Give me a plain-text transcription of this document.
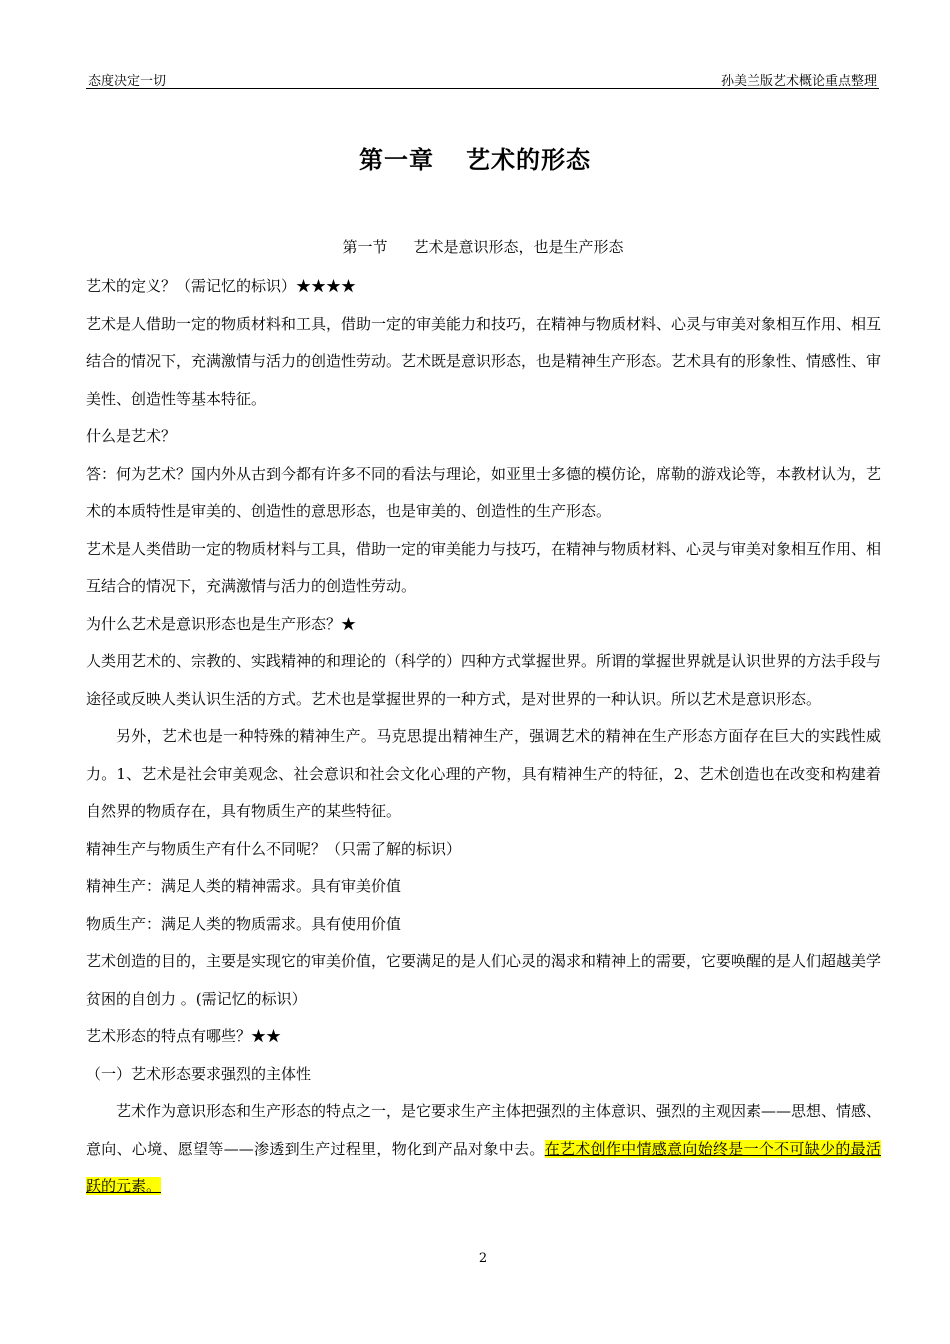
态度决定一切	孙美兰版艺术概论重点整理
第一章 艺术的形态
第一节 艺术是意识形态，也是生产形态

艺术的定义？（需记忆的标识）★★★★

艺术是人借助一定的物质材料和工具，借助一定的审美能力和技巧，在精神与物质材料、心灵与审美对象相互作用、相互结合的情况下，充满激情与活力的创造性劳动。艺术既是意识形态，也是精神生产形态。艺术具有的形象性、情感性、审美性、创造性等基本特征。

什么是艺术？

答：何为艺术？国内外从古到今都有许多不同的看法与理论，如亚里士多德的模仿论，席勒的游戏论等，本教材认为，艺术的本质特性是审美的、创造性的意思形态，也是审美的、创造性的生产形态。

艺术是人类借助一定的物质材料与工具，借助一定的审美能力与技巧，在精神与物质材料、心灵与审美对象相互作用、相互结合的情况下，充满激情与活力的创造性劳动。

为什么艺术是意识形态也是生产形态？★

人类用艺术的、宗教的、实践精神的和理论的（科学的）四种方式掌握世界。所谓的掌握世界就是认识世界的方法手段与途径或反映人类认识生活的方式。艺术也是掌握世界的一种方式，是对世界的一种认识。所以艺术是意识形态。

另外，艺术也是一种特殊的精神生产。马克思提出精神生产，强调艺术的精神在生产形态方面存在巨大的实践性威力。1、艺术是社会审美观念、社会意识和社会文化心理的产物，具有精神生产的特征，2、艺术创造也在改变和构建着自然界的物质存在，具有物质生产的某些特征。

精神生产与物质生产有什么不同呢？（只需了解的标识）

精神生产：满足人类的精神需求。具有审美价值

物质生产：满足人类的物质需求。具有使用价值

艺术创造的目的，主要是实现它的审美价值，它要满足的是人们心灵的渴求和精神上的需要，它要唤醒的是人们超越美学贫困的自创力 。(需记忆的标识）

艺术形态的特点有哪些？★★

（一）艺术形态要求强烈的主体性

艺术作为意识形态和生产形态的特点之一，是它要求生产主体把强烈的主体意识、强烈的主观因素——思想、情感、意向、心境、愿望等——渗透到生产过程里，物化到产品对象中去。在艺术创作中情感意向始终是一个不可缺少的最活跃的元素。

2
